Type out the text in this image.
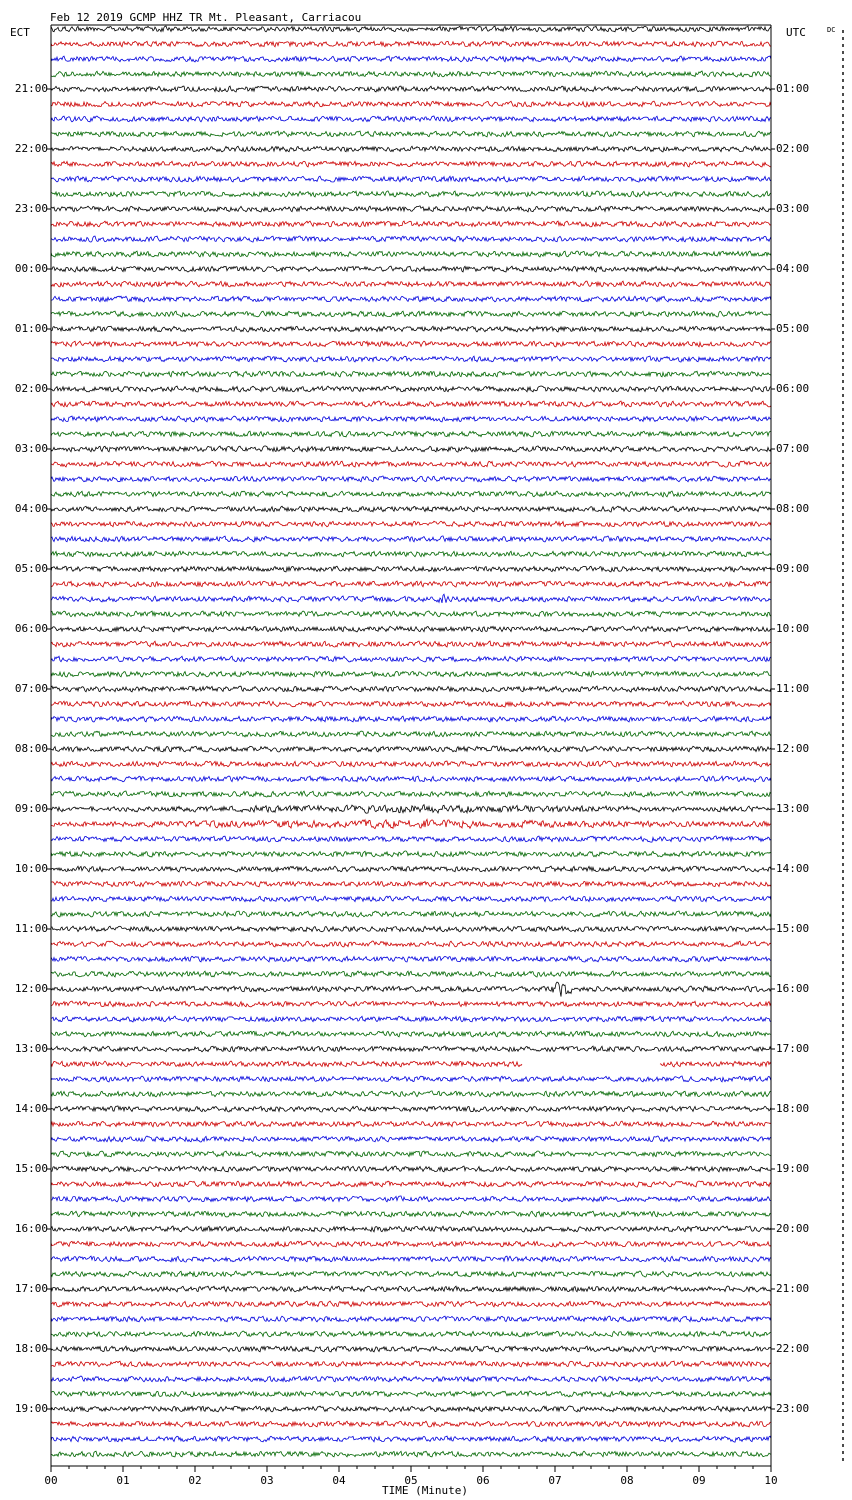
Feb 12 2019 GCMP HHZ TR Mt. Pleasant, Carriacou
ECT	UTC	DC
21:00
22:00
23:00
00:00
01:00
02:00
03:00
04:00
05:00
06:00
07:00
08:00
09:00
10:00
11:00
12:00
13:00
14:00
15:00
16:00
17:00
18:00
19:00
01:00
02:00
03:00
04:00
05:00
06:00
07:00
08:00
09:00
10:00
11:00
12:00
13:00
14:00
15:00
16:00
17:00
18:00
19:00
20:00
21:00
22:00
23:00
00	01	02	03	04	05	06	07	08	09	10
TIME (Minute)
